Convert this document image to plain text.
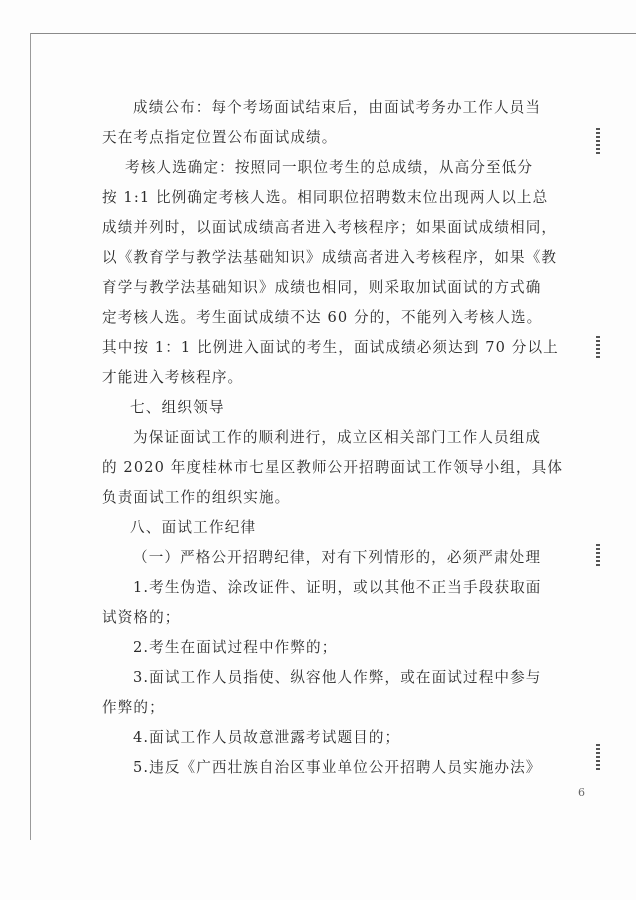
成绩公布：每个考场面试结束后，由面试考务办工作人员当
天在考点指定位置公布面试成绩。
考核人选确定：按照同一职位考生的总成绩，从高分至低分
按 1:1 比例确定考核人选。相同职位招聘数末位出现两人以上总
成绩并列时，以面试成绩高者进入考核程序；如果面试成绩相同，
以《教育学与教学法基础知识》成绩高者进入考核程序，如果《教
育学与教学法基础知识》成绩也相同，则采取加试面试的方式确
定考核人选。考生面试成绩不达 60 分的，不能列入考核人选。
其中按 1：1 比例进入面试的考生，面试成绩必须达到 70 分以上
才能进入考核程序。
七、组织领导
为保证面试工作的顺利进行，成立区相关部门工作人员组成
的 2020 年度桂林市七星区教师公开招聘面试工作领导小组，具体
负责面试工作的组织实施。
八、面试工作纪律
（一）严格公开招聘纪律，对有下列情形的，必须严肃处理
1.考生伪造、涂改证件、证明，或以其他不正当手段获取面
试资格的；
2.考生在面试过程中作弊的；
3.面试工作人员指使、纵容他人作弊，或在面试过程中参与
作弊的；
4.面试工作人员故意泄露考试题目的；
5.违反《广西壮族自治区事业单位公开招聘人员实施办法》
6
